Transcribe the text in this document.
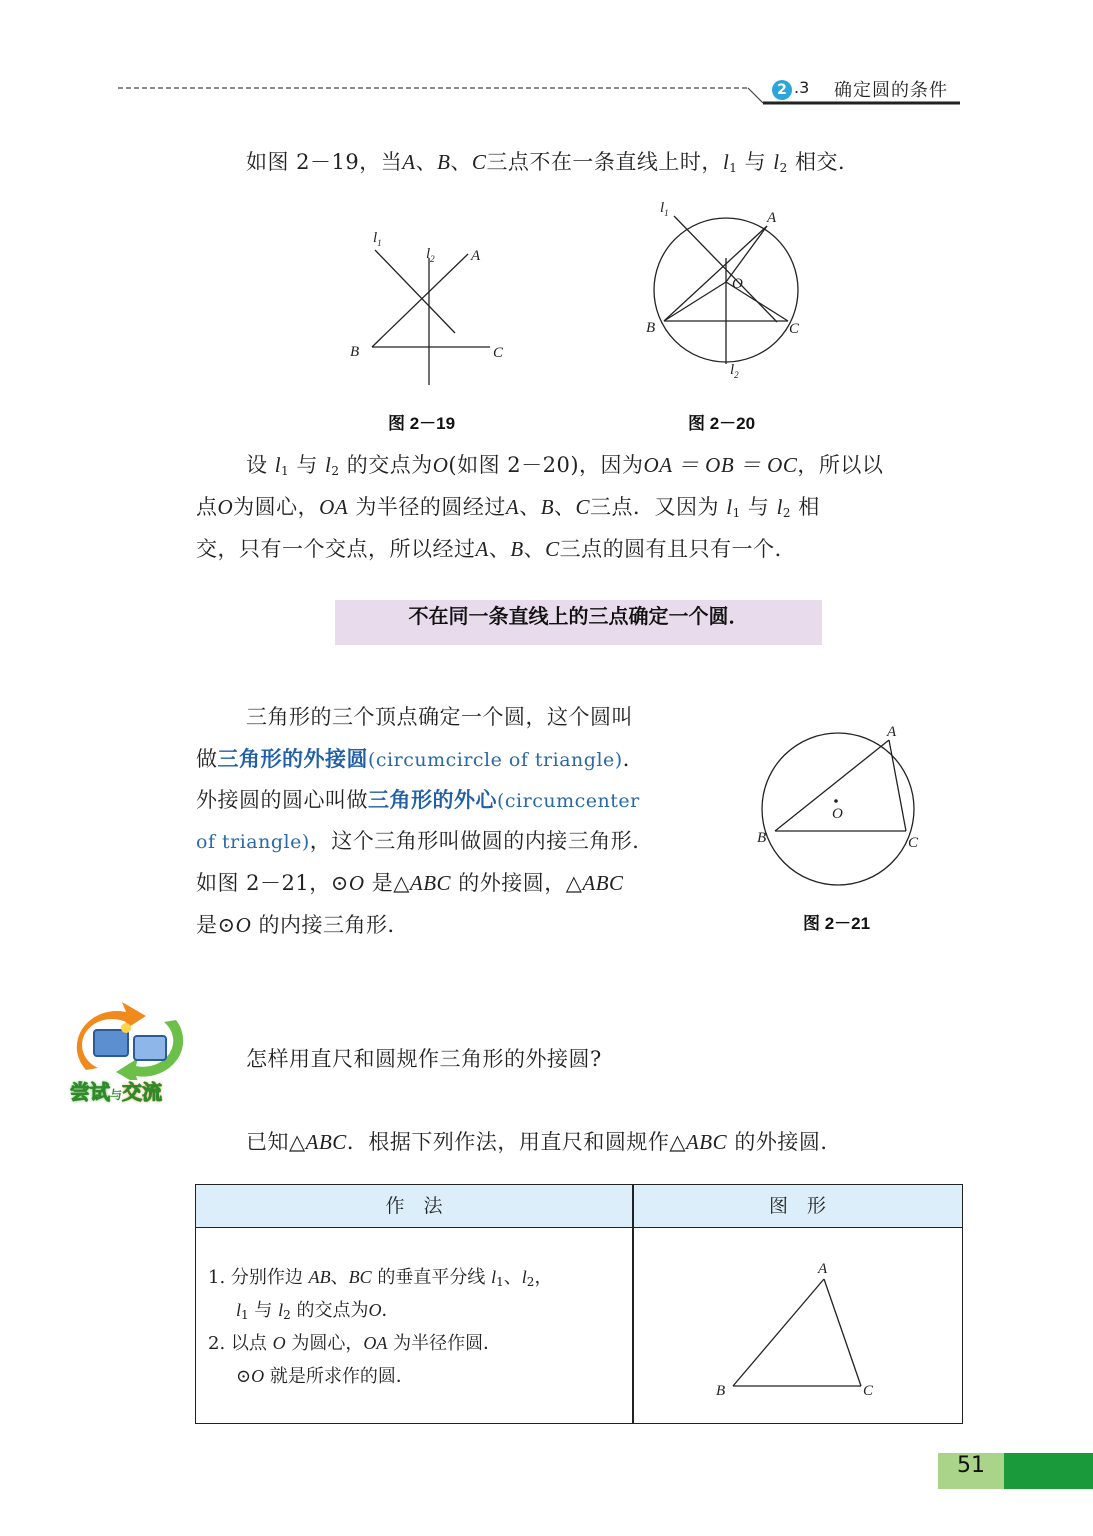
2 .3 确定圆的条件
如图 2－19，当A、B、C三点不在一条直线上时，$l_1$ 与 $l_2$ 相交．
$l_1$
$l_2$ A
B	C
图 2－19
$l_1$	A
O
B	C
$l_2$
图 2－20
设 $l_1$ 与 $l_2$ 的交点为O(如图 2－20)，因为OA ＝ OB ＝ OC，所以以
点O为圆心，OA 为半径的圆经过A、B、C三点．又因为 $l_1$ 与 $l_2$ 相
交，只有一个交点，所以经过A、B、C三点的圆有且只有一个．
不在同一条直线上的三点确定一个圆．
三角形的三个顶点确定一个圆，这个圆叫
做三角形的外接圆(circumcircle of triangle)．
外接圆的圆心叫做三角形的外心(circumcenter
of triangle)，这个三角形叫做圆的内接三角形．
如图 2－21，⊙O 是△ABC 的外接圆，△ABC
是⊙O 的内接三角形．
A
O
B	C
图 2－21
尝试与交流
怎样用直尺和圆规作三角形的外接圆?
已知△ABC．根据下列作法，用直尺和圆规作△ABC 的外接圆．
作　法	图　形
1. 分别作边 AB、BC 的垂直平分线 $l_1$、$l_2$，
$l_1$ 与 $l_2$ 的交点为O．
2. 以点 O 为圆心，OA 为半径作圆．
⊙O 就是所求作的圆．
A
B	C
51
